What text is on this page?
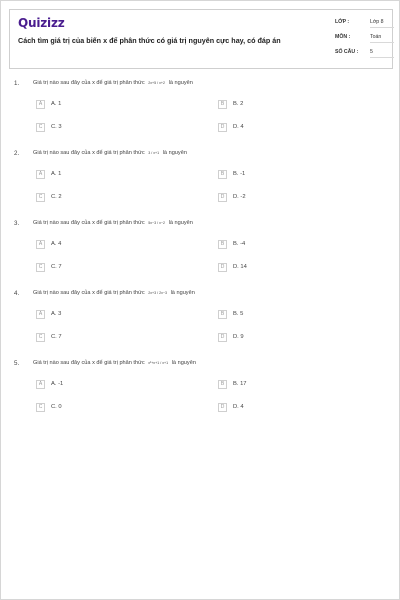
Quizizz
Cách tìm giá trị của biến x để phân thức có giá trị nguyên cực hay, có đáp án
LỚP :	Lớp 8
MÔN :	Toán
SỐ CÂU : 5
1. Giá trị nào sau đây của x để giá trị phân thức 2x+5 / x+2 là nguyên
A	A. 1	B	B. 2
C	C. 3	D	D. 4
2. Giá trị nào sau đây của x để giá trị phân thức 3 / x+1 là nguyên
A	A. 1	B	B. -1
C	C. 2	D	D. -2
3. Giá trị nào sau đây của x để giá trị phân thức 5x−3 / x−2 là nguyên
A	A. 4	B	B. -4
C	C. 7	D	D. 14
4. Giá trị nào sau đây của x để giá trị phân thức 2x+3 / 2x−3 là nguyên
A	A. 3	B	B. 5
C	C. 7	D	D. 9
5. Giá trị nào sau đây của x để giá trị phân thức x²+x+1 / x+1 là nguyên
A	A. -1	B	B. 17
C	C. 0	D	D. 4
